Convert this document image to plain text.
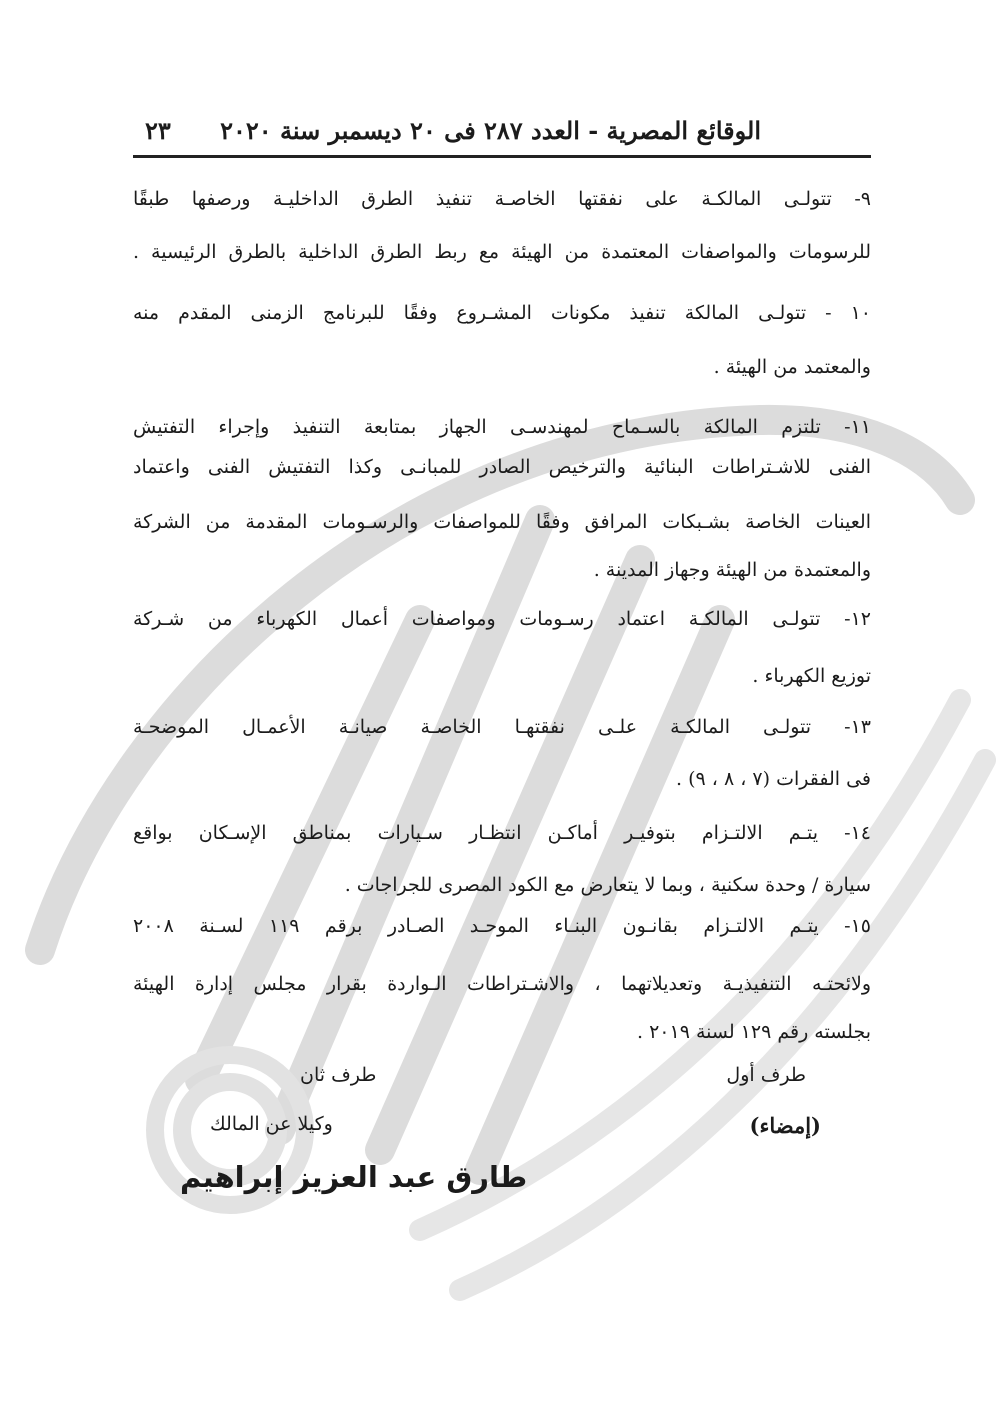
الوقائع المصرية - العدد ٢٨٧ فى ٢٠ ديسمبر سنة ٢٠٢٠
٢٣
٩- تتولـى المالكـة على نفقتها الخاصـة تنفيذ الطرق الداخليـة ورصفها طبقًا
للرسومات والمواصفات المعتمدة من الهيئة مع ربط الطرق الداخلية بالطرق الرئيسية .
١٠ - تتولـى المالكة تنفيذ مكونات المشـروع وفقًا للبرنامج الزمنى المقدم منه
والمعتمد من الهيئة .
١١- تلتزم المالكة بالسـماح لمهندسـى الجهاز بمتابعة التنفيذ وإجراء التفتيش
الفنى للاشـتراطات البنائية والترخيص الصادر للمبانـى وكذا التفتيش الفنى واعتماد
العينات الخاصة بشـبكات المرافق وفقًا للمواصفات والرسـومات المقدمة من الشركة
والمعتمدة من الهيئة وجهاز المدينة .
١٢- تتولـى المالكـة اعتماد رسـومات ومواصفات أعمال الكهرباء من شـركة
توزيع الكهرباء .
١٣- تتولـى المالكـة علـى نفقتهـا الخاصـة صيانـة الأعمـال الموضحـة
فى الفقرات (٧ ، ٨ ، ٩) .
١٤- يتـم الالتـزام بتوفيـر أماكـن انتظـار سـيارات بمناطق الإسـكان بواقع
سيارة / وحدة سكنية ، وبما لا يتعارض مع الكود المصرى للجراجات .
١٥- يتـم الالتـزام بقانـون البنـاء الموحـد الصـادر برقم ١١٩ لسـنة ٢٠٠٨
ولائحتـه التنفيذيـة وتعديلاتهما ، والاشـتراطات الـواردة بقرار مجلس إدارة الهيئة
بجلسته رقم ١٢٩ لسنة ٢٠١٩ .
طرف أول
(إمضاء)
طرف ثان
وكيلا عن المالك
طارق عبد العزيز إبراهيم
